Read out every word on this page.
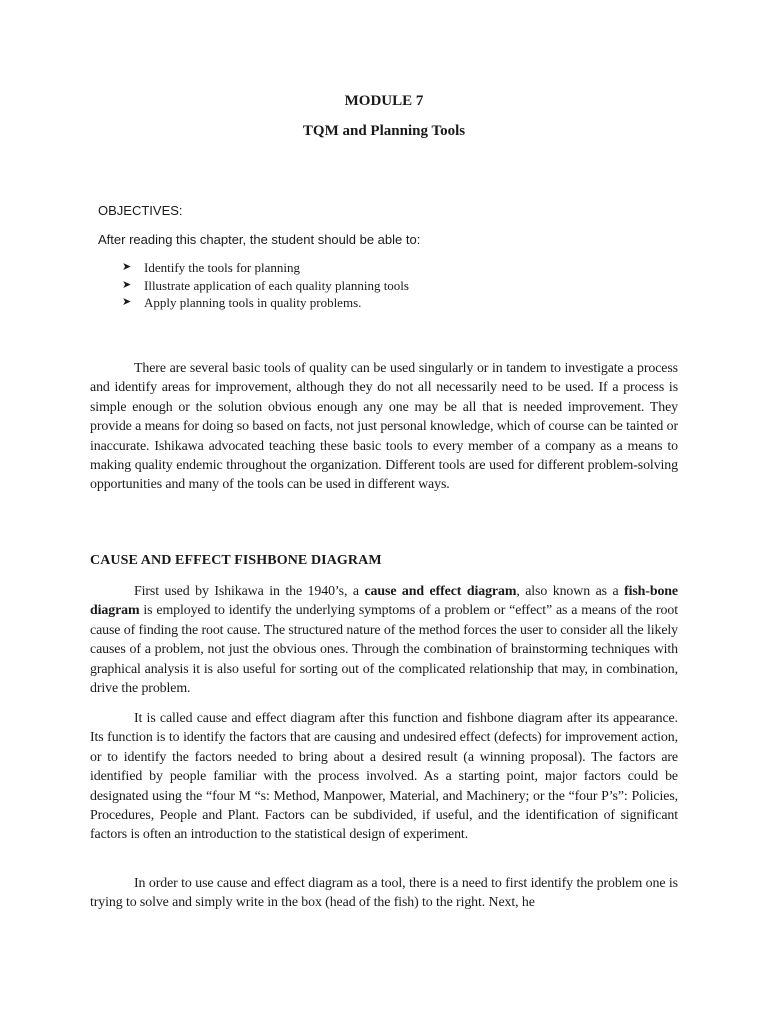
MODULE 7
TQM and Planning Tools
OBJECTIVES:
After reading this chapter, the student should be able to:
➤ Identify the tools for planning
➤ Illustrate application of each quality planning tools
➤ Apply planning tools in quality problems.

There are several basic tools of quality can be used singularly or in tandem to investigate a process and identify areas for improvement, although they do not all necessarily need to be used. If a process is simple enough or the solution obvious enough any one may be all that is needed improvement. They provide a means for doing so based on facts, not just personal knowledge, which of course can be tainted or inaccurate. Ishikawa advocated teaching these basic tools to every member of a company as a means to making quality endemic throughout the organization. Different tools are used for different problem-solving opportunities and many of the tools can be used in different ways.

CAUSE AND EFFECT FISHBONE DIAGRAM

First used by Ishikawa in the 1940’s, a cause and effect diagram, also known as a fish-bone diagram is employed to identify the underlying symptoms of a problem or “effect” as a means of the root cause of finding the root cause. The structured nature of the method forces the user to consider all the likely causes of a problem, not just the obvious ones. Through the combination of brainstorming techniques with graphical analysis it is also useful for sorting out of the complicated relationship that may, in combination, drive the problem.

It is called cause and effect diagram after this function and fishbone diagram after its appearance. Its function is to identify the factors that are causing and undesired effect (defects) for improvement action, or to identify the factors needed to bring about a desired result (a winning proposal). The factors are identified by people familiar with the process involved. As a starting point, major factors could be designated using the “four M “s: Method, Manpower, Material, and Machinery; or the “four P’s”: Policies, Procedures, People and Plant. Factors can be subdivided, if useful, and the identification of significant factors is often an introduction to the statistical design of experiment.

In order to use cause and effect diagram as a tool, there is a need to first identify the problem one is trying to solve and simply write in the box (head of the fish) to the right. Next, he
